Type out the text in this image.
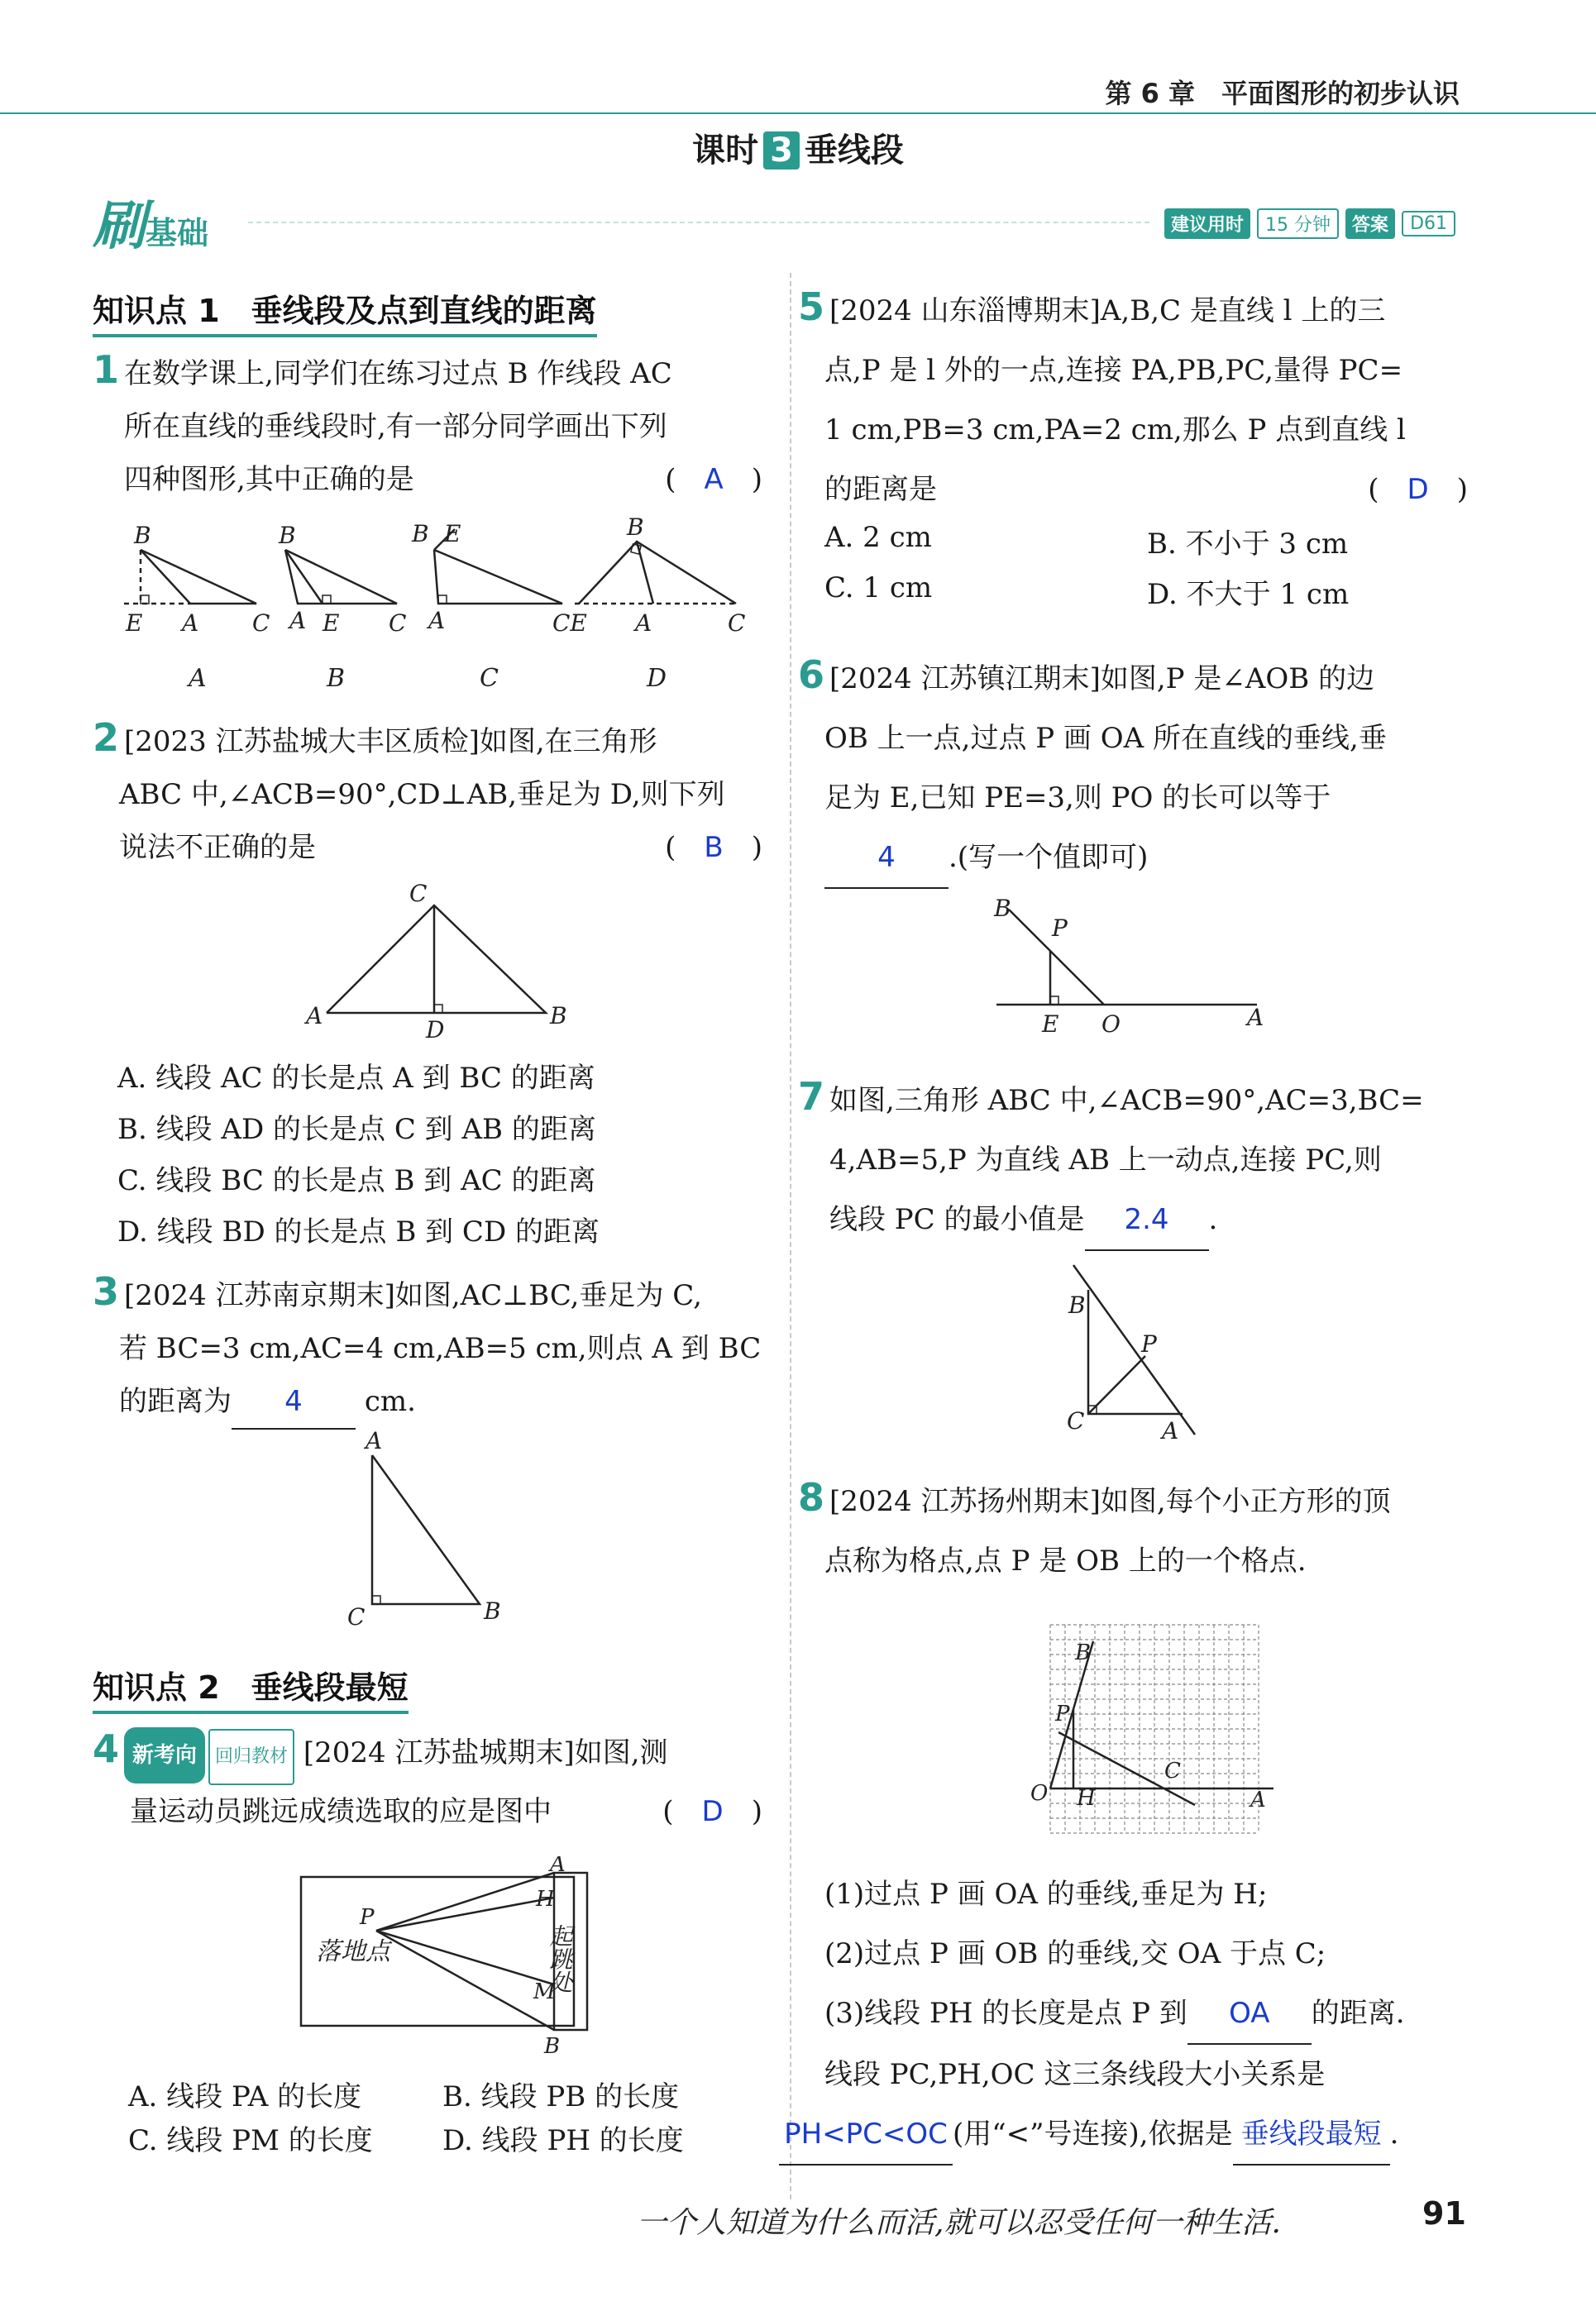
第 6 章　平面图形的初步认识
课时 3 垂线段
刷基础	建议用时	15 分钟	答案	D61
知识点 1　垂线段及点到直线的距离
1 在数学课上,同学们在练习过点 B 作线段 AC
所在直线的垂线段时,有一部分同学画出下列
四种图形,其中正确的是	(　A　)
B
E A C
B
A E C
B E
A	CE
B
A	C
A	B	C	D
2 [2023 江苏盐城大丰区质检]如图,在三角形
ABC 中,∠ACB=90°,CD⊥AB,垂足为 D,则下列
说法不正确的是	(　B　)
C
A
D
B
A. 线段 AC 的长是点 A 到 BC 的距离
B. 线段 AD 的长是点 C 到 AB 的距离
C. 线段 BC 的长是点 B 到 AC 的距离
D. 线段 BD 的长是点 B 到 CD 的距离
3 [2024 江苏南京期末]如图,AC⊥BC,垂足为 C,
若 BC=3 cm,AC=4 cm,AB=5 cm,则点 A 到 BC
的距离为 4 cm.
A
C	B
知识点 2　垂线段最短
4 新考向 回归教材 [2024 江苏盐城期末]如图,测
量运动员跳远成绩选取的应是图中	(　D　)
A
H
P
M
B
落地点	起跳处
A. 线段 PA 的长度	B. 线段 PB 的长度
C. 线段 PM 的长度	D. 线段 PH 的长度
5 [2024 山东淄博期末]A,B,C 是直线 l 上的三
点,P 是 l 外的一点,连接 PA,PB,PC,量得 PC=
1 cm,PB=3 cm,PA=2 cm,那么 P 点到直线 l
的距离是	(　D　)
A. 2 cm	B. 不小于 3 cm
C. 1 cm	D. 不大于 1 cm
6 [2024 江苏镇江期末]如图,P 是∠AOB 的边
OB 上一点,过点 P 画 OA 所在直线的垂线,垂
足为 E,已知 PE=3,则 PO 的长可以等于
4 .(写一个值即可)
B
P
E O	A
7 如图,三角形 ABC 中,∠ACB=90°,AC=3,BC=
4,AB=5,P 为直线 AB 上一动点,连接 PC,则
线段 PC 的最小值是 2.4 .
B
P
C	A
8 [2024 江苏扬州期末]如图,每个小正方形的顶
点称为格点,点 P 是 OB 上的一个格点.
B
P
O H
C
A
(1)过点 P 画 OA 的垂线,垂足为 H;
(2)过点 P 画 OB 的垂线,交 OA 于点 C;
(3)线段 PH 的长度是点 P 到 OA 的距离.
线段 PC,PH,OC 这三条线段大小关系是
PH<PC<OC (用“<”号连接),依据是 垂线段最短 .
一个人知道为什么而活,就可以忍受任何一种生活.	91
